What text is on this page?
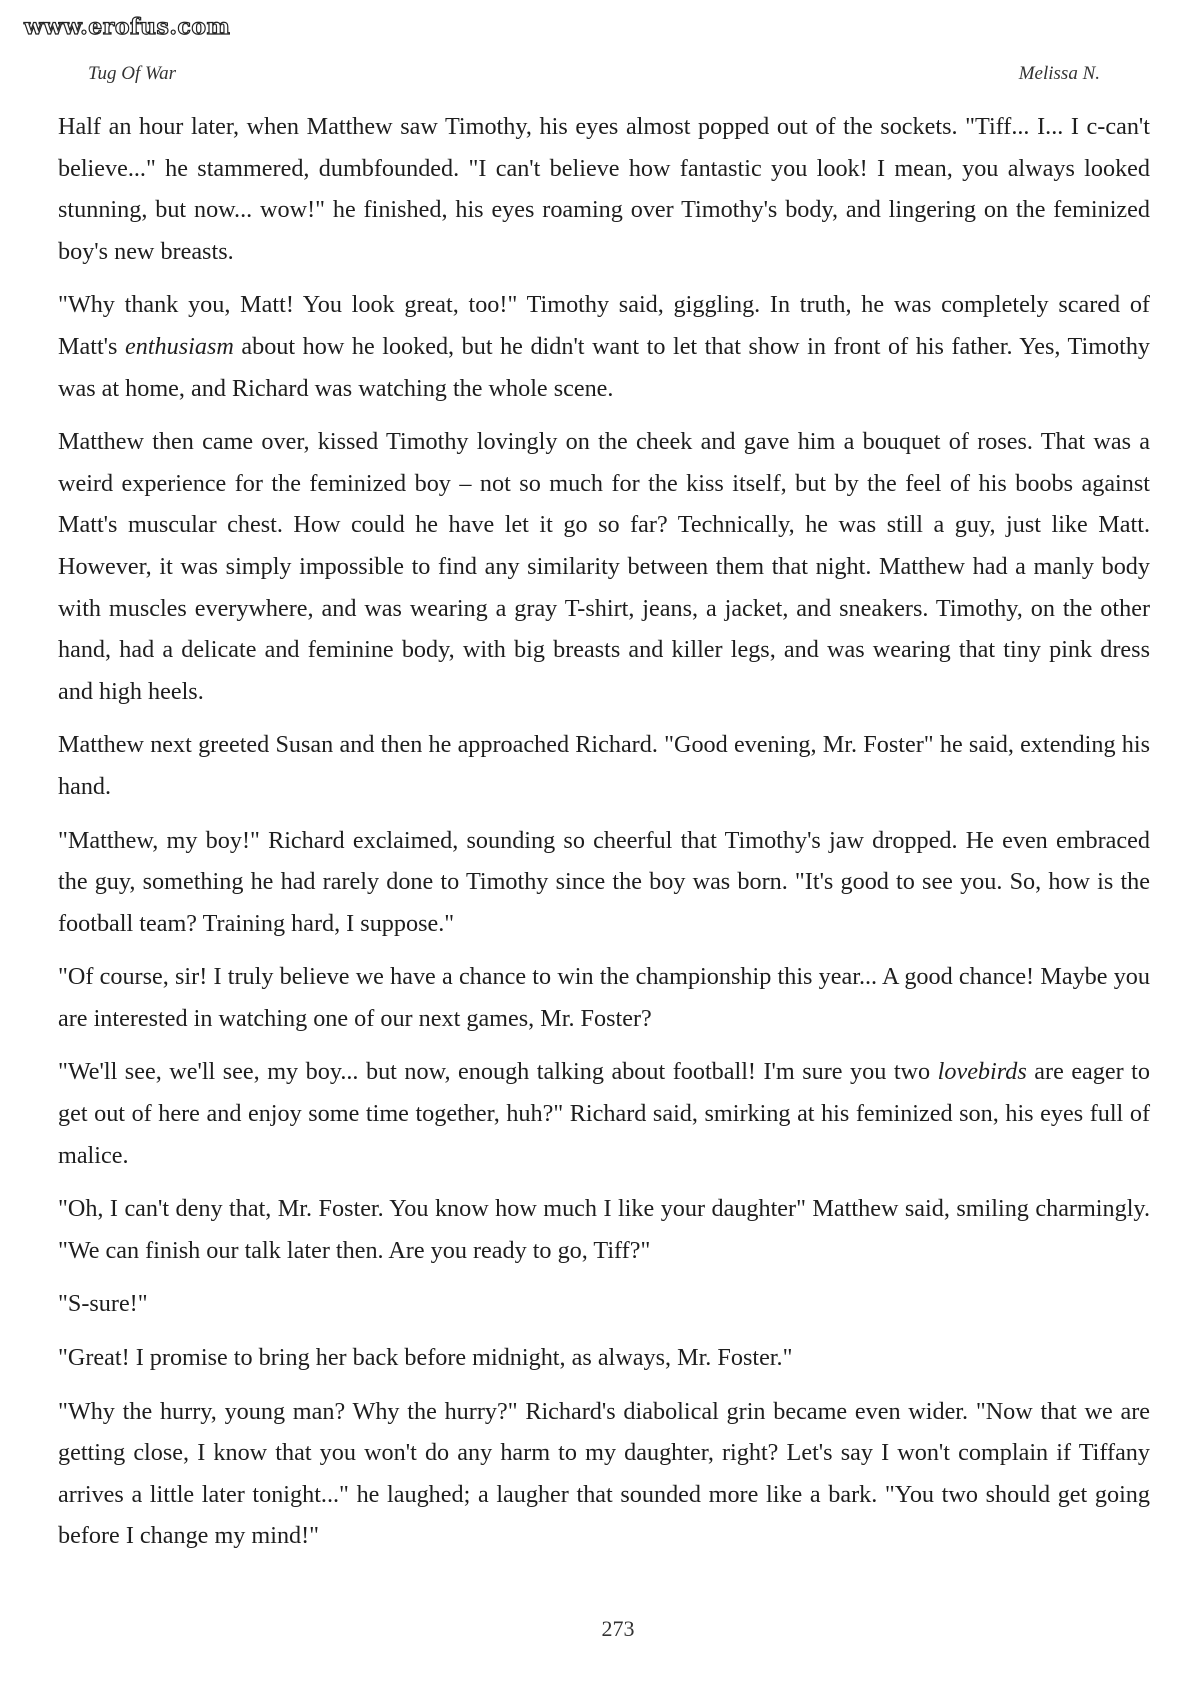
www.erofus.com
Tug Of War	Melissa N.

Half an hour later, when Matthew saw Timothy, his eyes almost popped out of the sockets. "Tiff... I... I c-can't believe..." he stammered, dumbfounded. "I can't believe how fantastic you look! I mean, you always looked stunning, but now... wow!" he finished, his eyes roaming over Timothy's body, and lingering on the feminized boy's new breasts.

"Why thank you, Matt! You look great, too!" Timothy said, giggling. In truth, he was completely scared of Matt's enthusiasm about how he looked, but he didn't want to let that show in front of his father. Yes, Timothy was at home, and Richard was watching the whole scene.

Matthew then came over, kissed Timothy lovingly on the cheek and gave him a bouquet of roses. That was a weird experience for the feminized boy – not so much for the kiss itself, but by the feel of his boobs against Matt's muscular chest. How could he have let it go so far? Technically, he was still a guy, just like Matt. However, it was simply impossible to find any similarity between them that night. Matthew had a manly body with muscles everywhere, and was wearing a gray T-shirt, jeans, a jacket, and sneakers. Timothy, on the other hand, had a delicate and feminine body, with big breasts and killer legs, and was wearing that tiny pink dress and high heels.

Matthew next greeted Susan and then he approached Richard. "Good evening, Mr. Foster" he said, extending his hand.

"Matthew, my boy!" Richard exclaimed, sounding so cheerful that Timothy's jaw dropped. He even embraced the guy, something he had rarely done to Timothy since the boy was born. "It's good to see you. So, how is the football team? Training hard, I suppose."

"Of course, sir! I truly believe we have a chance to win the championship this year... A good chance! Maybe you are interested in watching one of our next games, Mr. Foster?

"We'll see, we'll see, my boy... but now, enough talking about football! I'm sure you two lovebirds are eager to get out of here and enjoy some time together, huh?" Richard said, smirking at his feminized son, his eyes full of malice.

"Oh, I can't deny that, Mr. Foster. You know how much I like your daughter" Matthew said, smiling charmingly. "We can finish our talk later then. Are you ready to go, Tiff?"

"S-sure!"

"Great! I promise to bring her back before midnight, as always, Mr. Foster."

"Why the hurry, young man? Why the hurry?" Richard's diabolical grin became even wider. "Now that we are getting close, I know that you won't do any harm to my daughter, right? Let's say I won't complain if Tiffany arrives a little later tonight..." he laughed; a laugher that sounded more like a bark. "You two should get going before I change my mind!"

273
